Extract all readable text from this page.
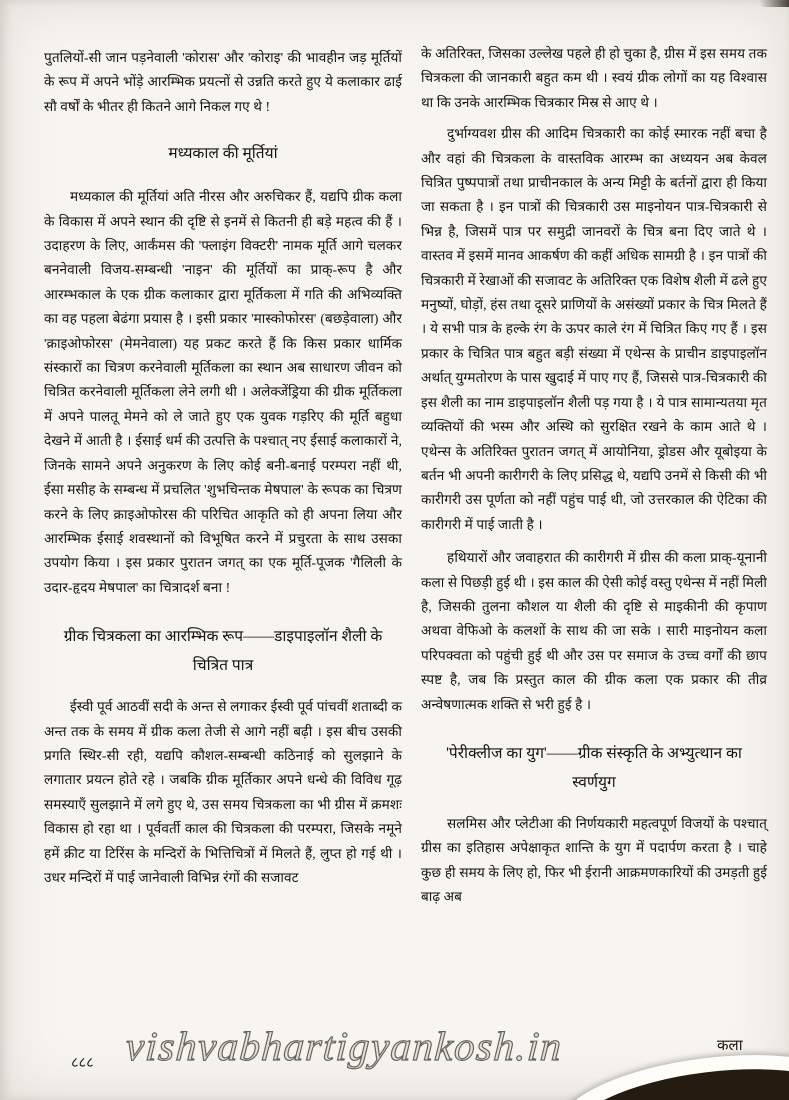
पुतलियों-सी जान पड़नेवाली 'कोरास' और 'कोराइ' की भावहीन जड़ मूर्तियों के रूप में अपने भोंड़े आरम्भिक प्रयत्नों से उन्नति करते हुए ये कलाकार ढाई सौ वर्षों के भीतर ही कितने आगे निकल गए थे !

मध्यकाल की मूर्तियां

मध्यकाल की मूर्तियां अति नीरस और अरुचिकर हैं, यद्यपि ग्रीक कला के विकास में अपने स्थान की दृष्टि से इनमें से कितनी ही बड़े महत्व की हैं । उदाहरण के लिए, आर्कंमस की 'फ्लाइंग विक्टरी' नामक मूर्ति आगे चलकर बननेवाली विजय-सम्बन्धी 'नाइन' की मूर्तियों का प्राक्-रूप है और आरम्भकाल के एक ग्रीक कलाकार द्वारा मूर्तिकला में गति की अभिव्यक्ति का वह पहला बेढंगा प्रयास है । इसी प्रकार 'मास्कोफोरस' (बछड़ेवाला) और 'क्राइओफोरस' (मेमनेवाला) यह प्रकट करते हैं कि किस प्रकार धार्मिक संस्कारों का चित्रण करनेवाली मूर्तिकला का स्थान अब साधारण जीवन को चित्रित करनेवाली मूर्तिकला लेने लगी थी । अलेक्जेंड्रिया की ग्रीक मूर्तिकला में अपने पालतू मेमने को ले जाते हुए एक युवक गड़रिए की मूर्ति बहुधा देखने में आती है । ईसाई धर्म की उत्पत्ति के पश्चात् नए ईसाई कलाकारों ने, जिनके सामने अपने अनुकरण के लिए कोई बनी-बनाई परम्परा नहीं थी, ईसा मसीह के सम्बन्ध में प्रचलित 'शुभचिन्तक मेषपाल' के रूपक का चित्रण करने के लिए क्राइओफोरस की परिचित आकृति को ही अपना लिया और आरम्भिक ईसाई शवस्थानों को विभूषित करने में प्रचुरता के साथ उसका उपयोग किया । इस प्रकार पुरातन जगत् का एक मूर्ति-पूजक 'गैलिली के उदार-हृदय मेषपाल' का चित्रादर्श बना !

ग्रीक चित्रकला का आरम्भिक रूप——डाइपाइलॉन शैली के चित्रित पात्र

ईस्वी पूर्व आठवीं सदी के अन्त से लगाकर ईस्वी पूर्व पांचवीं शताब्दी क अन्त तक के समय में ग्रीक कला तेजी से आगे नहीं बढ़ी । इस बीच उसकी प्रगति स्थिर-सी रही, यद्यपि कौशल-सम्बन्धी कठिनाई को सुलझाने के लगातार प्रयत्न होते रहे । जबकि ग्रीक मूर्तिकार अपने धन्धे की विविध गूढ़ समस्याएँ सुलझाने में लगे हुए थे, उस समय चित्रकला का भी ग्रीस में क्रमशः विकास हो रहा था । पूर्ववर्ती काल की चित्रकला की परम्परा, जिसके नमूने हमें क्रीट या टिरिंस के मन्दिरों के भित्तिचित्रों में मिलते हैं, लुप्त हो गई थी । उधर मन्दिरों में पाई जानेवाली विभिन्न रंगों की सजावट

के अतिरिक्त, जिसका उल्लेख पहले ही हो चुका है, ग्रीस में इस समय तक चित्रकला की जानकारी बहुत कम थी । स्वयं ग्रीक लोगों का यह विश्वास था कि उनके आरम्भिक चित्रकार मिस्र से आए थे ।

दुर्भाग्यवश ग्रीस की आदिम चित्रकारी का कोई स्मारक नहीं बचा है और वहां की चित्रकला के वास्तविक आरम्भ का अध्ययन अब केवल चित्रित पुष्पपात्रों तथा प्राचीनकाल के अन्य मिट्टी के बर्तनों द्वारा ही किया जा सकता है । इन पात्रों की चित्रकारी उस माइनोयन पात्र-चित्रकारी से भिन्न है, जिसमें पात्र पर समुद्री जानवरों के चित्र बना दिए जाते थे । वास्तव में इसमें मानव आकर्षण की कहीं अधिक सामग्री है । इन पात्रों की चित्रकारी में रेखाओं की सजावट के अतिरिक्त एक विशेष शैली में ढले हुए मनुष्यों, घोड़ों, हंस तथा दूसरे प्राणियों के असंख्यों प्रकार के चित्र मिलते हैं । ये सभी पात्र के हल्के रंग के ऊपर काले रंग में चित्रित किए गए हैं । इस प्रकार के चित्रित पात्र बहुत बड़ी संख्या में एथेन्स के प्राचीन डाइपाइलॉन अर्थात् युग्मतोरण के पास खुदाई में पाए गए हैं, जिससे पात्र-चित्रकारी की इस शैली का नाम डाइपाइलॉन शैली पड़ गया है । ये पात्र सामान्यतया मृत व्यक्तियों की भस्म और अस्थि को सुरक्षित रखने के काम आते थे । एथेन्स के अतिरिक्त पुरातन जगत् में आयोनिया, ड्रोडस और यूबोइया के बर्तन भी अपनी कारीगरी के लिए प्रसिद्ध थे, यद्यपि उनमें से किसी की भी कारीगरी उस पूर्णता को नहीं पहुंच पाई थी, जो उत्तरकाल की ऐटिका की कारीगरी में पाई जाती है ।

हथियारों और जवाहरात की कारीगरी में ग्रीस की कला प्राक्-यूनानी कला से पिछड़ी हुई थी । इस काल की ऐसी कोई वस्तु एथेन्स में नहीं मिली है, जिसकी तुलना कौशल या शैली की दृष्टि से माइकीनी की कृपाण अथवा वेफिओ के कलशों के साथ की जा सके । सारी माइनोयन कला परिपक्वता को पहुंची हुई थी और उस पर समाज के उच्च वर्गों की छाप स्पष्ट है, जब कि प्रस्तुत काल की ग्रीक कला एक प्रकार की तीव्र अन्वेषणात्मक शक्ति से भरी हुई है ।

'पेरीक्लीज का युग'——ग्रीक संस्कृति के अभ्युत्थान का स्वर्णयुग

सलमिस और प्लेटीआ की निर्णयकारी महत्वपूर्ण विजयों के पश्चात् ग्रीस का इतिहास अपेक्षाकृत शान्ति के युग में पदार्पण करता है । चाहे कुछ ही समय के लिए हो, फिर भी ईरानी आक्रमणकारियों की उमड़ती हुई बाढ़ अब

vishvabhartigyankosh.in
८८८
कला
